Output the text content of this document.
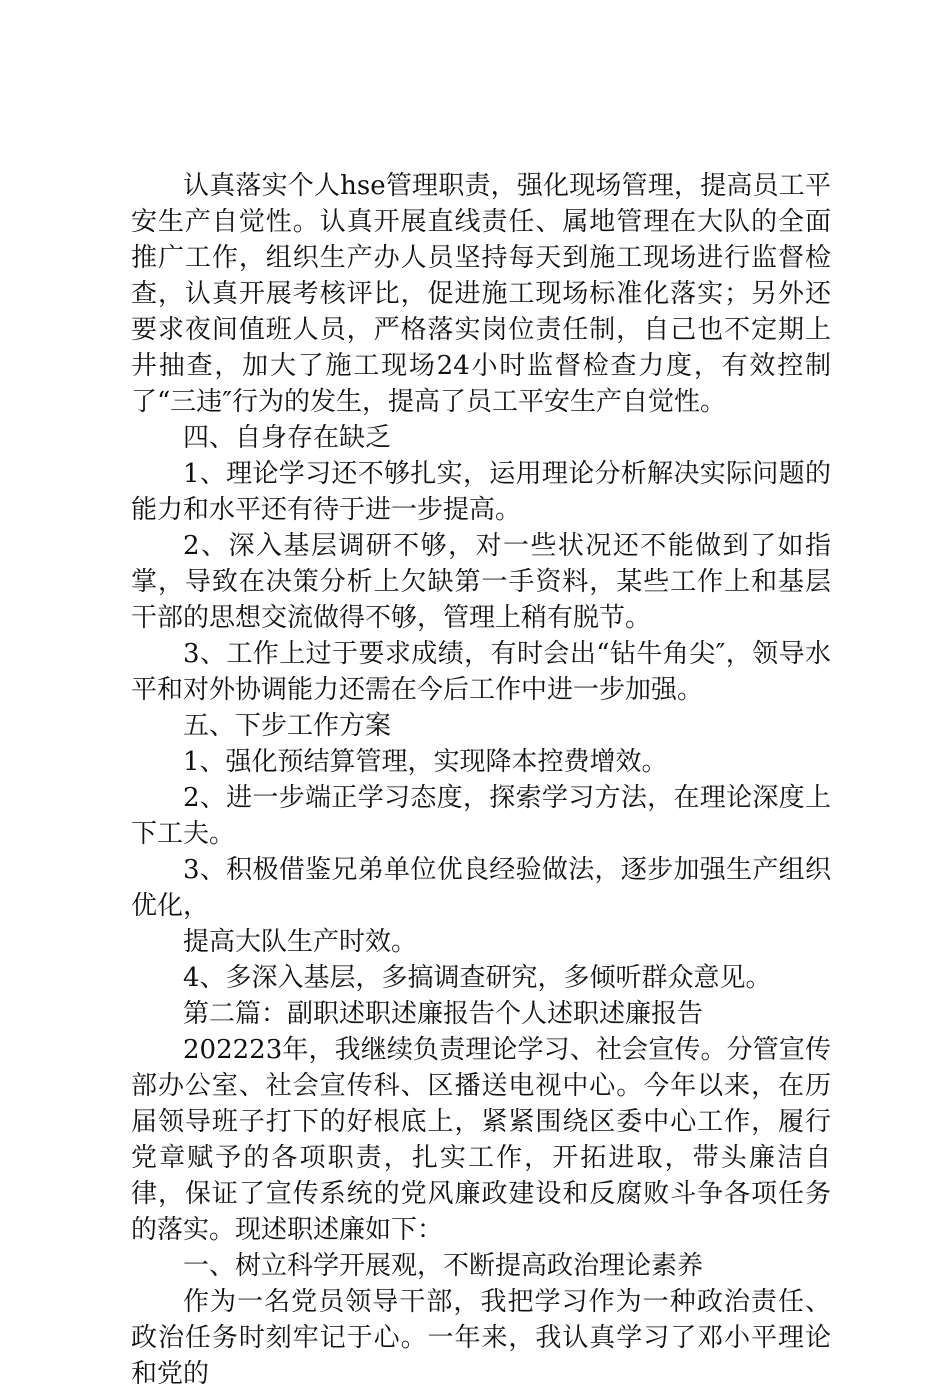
认真落实个人hse管理职责，强化现场管理，提高员工平安生产自觉性。认真开展直线责任、属地管理在大队的全面推广工作，组织生产办人员坚持每天到施工现场进行监督检查，认真开展考核评比，促进施工现场标准化落实；另外还要求夜间值班人员，严格落实岗位责任制，自己也不定期上井抽查，加大了施工现场24小时监督检查力度，有效控制了“三违″行为的发生，提高了员工平安生产自觉性。

四、自身存在缺乏

1、理论学习还不够扎实，运用理论分析解决实际问题的能力和水平还有待于进一步提高。

2、深入基层调研不够，对一些状况还不能做到了如指掌，导致在决策分析上欠缺第一手资料，某些工作上和基层干部的思想交流做得不够，管理上稍有脱节。

3、工作上过于要求成绩，有时会出“钻牛角尖″，领导水平和对外协调能力还需在今后工作中进一步加强。

五、下步工作方案

1、强化预结算管理，实现降本控费增效。

2、进一步端正学习态度，探索学习方法，在理论深度上下工夫。

3、积极借鉴兄弟单位优良经验做法，逐步加强生产组织优化，

提高大队生产时效。

4、多深入基层，多搞调查研究，多倾听群众意见。

第二篇：副职述职述廉报告个人述职述廉报告

202223年，我继续负责理论学习、社会宣传。分管宣传部办公室、社会宣传科、区播送电视中心。今年以来，在历届领导班子打下的好根底上，紧紧围绕区委中心工作，履行党章赋予的各项职责，扎实工作，开拓进取，带头廉洁自律，保证了宣传系统的党风廉政建设和反腐败斗争各项任务的落实。现述职述廉如下：

一、树立科学开展观，不断提高政治理论素养

作为一名党员领导干部，我把学习作为一种政治责任、政治任务时刻牢记于心。一年来，我认真学习了邓小平理论和党的
